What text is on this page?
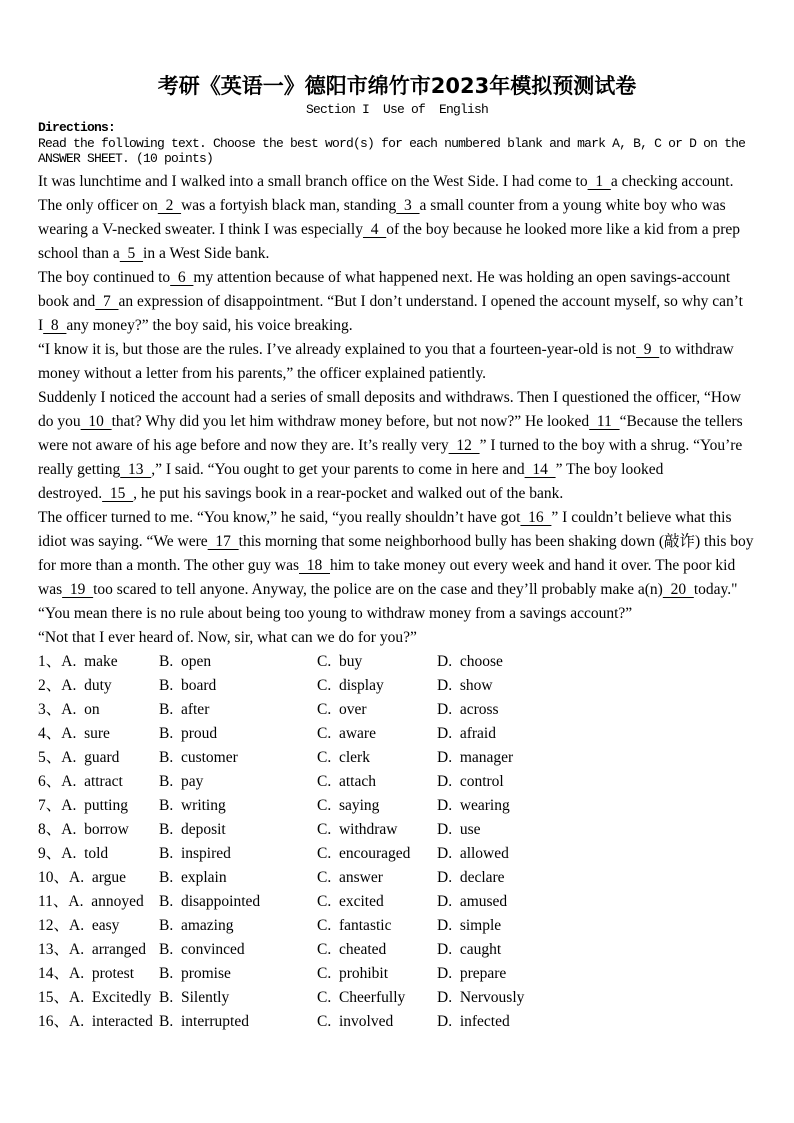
考研《英语一》德阳市绵竹市2023年模拟预测试卷
Section I  Use of  English
Directions:
Read the following text. Choose the best word(s) for each numbered blank and mark A, B, C or D on the ANSWER SHEET. (10 points)

It was lunchtime and I walked into a small branch office on the West Side. I had come to  1  a checking account. The only officer on  2  was a fortyish black man, standing  3  a small counter from a young white boy who was wearing a V-necked sweater. I think I was especially  4  of the boy because he looked more like a kid from a prep school than a  5  in a West Side bank.

The boy continued to  6  my attention because of what happened next. He was holding an open savings-account book and  7  an expression of disappointment. “But I don’t understand. I opened the account myself, so why can’t I  8  any money?” the boy said, his voice breaking.

“I know it is, but those are the rules. I’ve already explained to you that a fourteen-year-old is not  9  to withdraw money without a letter from his parents,” the officer explained patiently.

Suddenly I noticed the account had a series of small deposits and withdraws. Then I questioned the officer, “How do you  10  that? Why did you let him withdraw money before, but not now?” He looked  11  “Because the tellers were not aware of his age before and now they are. It’s really very  12  ” I turned to the boy with a shrug. “You’re really getting  13  ,” I said. “You ought to get your parents to come in here and  14  ” The boy looked destroyed.  15  , he put his savings book in a rear-pocket and walked out of the bank.

The officer turned to me. “You know,” he said, “you really shouldn’t have got  16  ” I couldn’t believe what this idiot was saying. “We were  17  this morning that some neighborhood bully has been shaking down (敲诈) this boy for more than a month. The other guy was  18  him to take money out every week and hand it over. The poor kid was  19  too scared to tell anyone. Anyway, the police are on the case and they’ll probably make a(n)  20  today."

“You mean there is no rule about being too young to withdraw money from a savings account?”

“Not that I ever heard of. Now, sir, what can we do for you?”

1、A.  make	B.  open	C.  buy	D.  choose
2、A.  duty	B.  board	C.  display	D.  show
3、A.  on	B.  after	C.  over	D.  across
4、A.  sure	B.  proud	C.  aware	D.  afraid
5、A.  guard	B.  customer	C.  clerk	D.  manager
6、A.  attract	B.  pay	C.  attach	D.  control
7、A.  putting	B.  writing	C.  saying	D.  wearing
8、A.  borrow	B.  deposit	C.  withdraw	D.  use
9、A.  told	B.  inspired	C.  encouraged	D.  allowed
10、A.  argue	B.  explain	C.  answer	D.  declare
11、A.  annoyed B.  disappointed	C.  excited	D.  amused
12、A.  easy	B.  amazing	C.  fantastic	D.  simple
13、A.  arranged B.  convinced	C.  cheated	D.  caught
14、A.  protest	B.  promise	C.  prohibit	D.  prepare
15、A.  Excitedly B.  Silently	C.  Cheerfully	D.  Nervously
16、A.  interacted B.  interrupted	C.  involved	D.  infected
